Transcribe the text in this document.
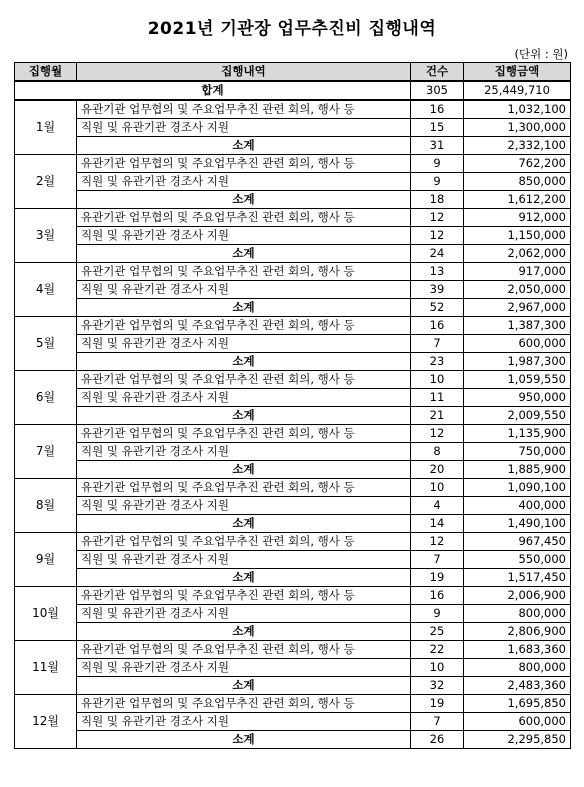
2021년 기관장 업무추진비 집행내역
(단위 : 원)
집행월	집행내역	건수	집행금액
합계		305	25,449,710
1월	유관기관 업무협의 및 주요업무추진 관련 회의, 행사 등	16	1,032,100
	직원 및 유관기관 경조사 지원	15	1,300,000
	소계	31	2,332,100
2월	유관기관 업무협의 및 주요업무추진 관련 회의, 행사 등	9	762,200
	직원 및 유관기관 경조사 지원	9	850,000
	소계	18	1,612,200
3월	유관기관 업무협의 및 주요업무추진 관련 회의, 행사 등	12	912,000
	직원 및 유관기관 경조사 지원	12	1,150,000
	소계	24	2,062,000
4월	유관기관 업무협의 및 주요업무추진 관련 회의, 행사 등	13	917,000
	직원 및 유관기관 경조사 지원	39	2,050,000
	소계	52	2,967,000
5월	유관기관 업무협의 및 주요업무추진 관련 회의, 행사 등	16	1,387,300
	직원 및 유관기관 경조사 지원	7	600,000
	소계	23	1,987,300
6월	유관기관 업무협의 및 주요업무추진 관련 회의, 행사 등	10	1,059,550
	직원 및 유관기관 경조사 지원	11	950,000
	소계	21	2,009,550
7월	유관기관 업무협의 및 주요업무추진 관련 회의, 행사 등	12	1,135,900
	직원 및 유관기관 경조사 지원	8	750,000
	소계	20	1,885,900
8월	유관기관 업무협의 및 주요업무추진 관련 회의, 행사 등	10	1,090,100
	직원 및 유관기관 경조사 지원	4	400,000
	소계	14	1,490,100
9월	유관기관 업무협의 및 주요업무추진 관련 회의, 행사 등	12	967,450
	직원 및 유관기관 경조사 지원	7	550,000
	소계	19	1,517,450
10월	유관기관 업무협의 및 주요업무추진 관련 회의, 행사 등	16	2,006,900
	직원 및 유관기관 경조사 지원	9	800,000
	소계	25	2,806,900
11월	유관기관 업무협의 및 주요업무추진 관련 회의, 행사 등	22	1,683,360
	직원 및 유관기관 경조사 지원	10	800,000
	소계	32	2,483,360
12월	유관기관 업무협의 및 주요업무추진 관련 회의, 행사 등	19	1,695,850
	직원 및 유관기관 경조사 지원	7	600,000
	소계	26	2,295,850
